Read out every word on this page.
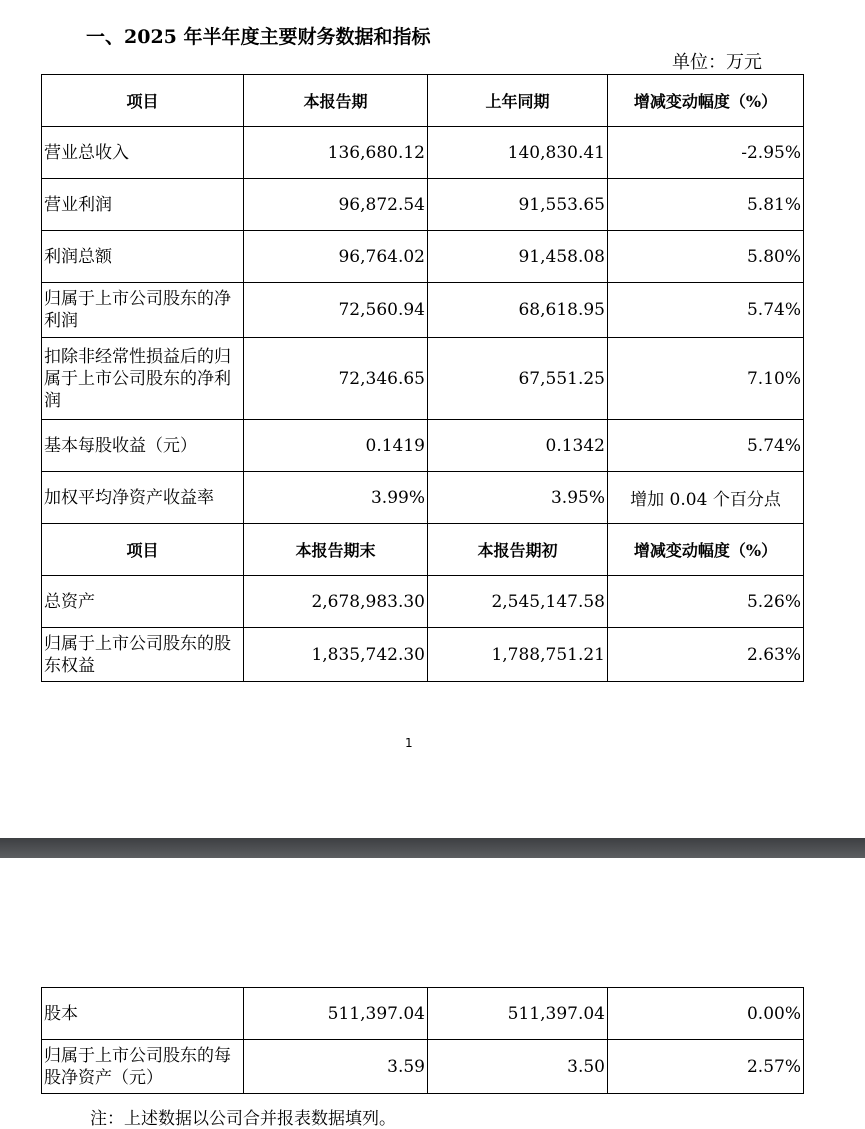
一、2025 年半年度主要财务数据和指标
单位：万元
项目	本报告期	上年同期	增减变动幅度（%）
营业总收入	136,680.12	140,830.41	-2.95%
营业利润	96,872.54	91,553.65	5.81%
利润总额	96,764.02	91,458.08	5.80%
归属于上市公司股东的净利润	72,560.94	68,618.95	5.74%
扣除非经常性损益后的归属于上市公司股东的净利润	72,346.65	67,551.25	7.10%
基本每股收益（元）	0.1419	0.1342	5.74%
加权平均净资产收益率	3.99%	3.95%	增加 0.04 个百分点
项目	本报告期末	本报告期初	增减变动幅度（%）
总资产	2,678,983.30	2,545,147.58	5.26%
归属于上市公司股东的股东权益	1,835,742.30	1,788,751.21	2.63%
1
股本	511,397.04	511,397.04	0.00%
归属于上市公司股东的每股净资产（元）	3.59	3.50	2.57%
注：上述数据以公司合并报表数据填列。
